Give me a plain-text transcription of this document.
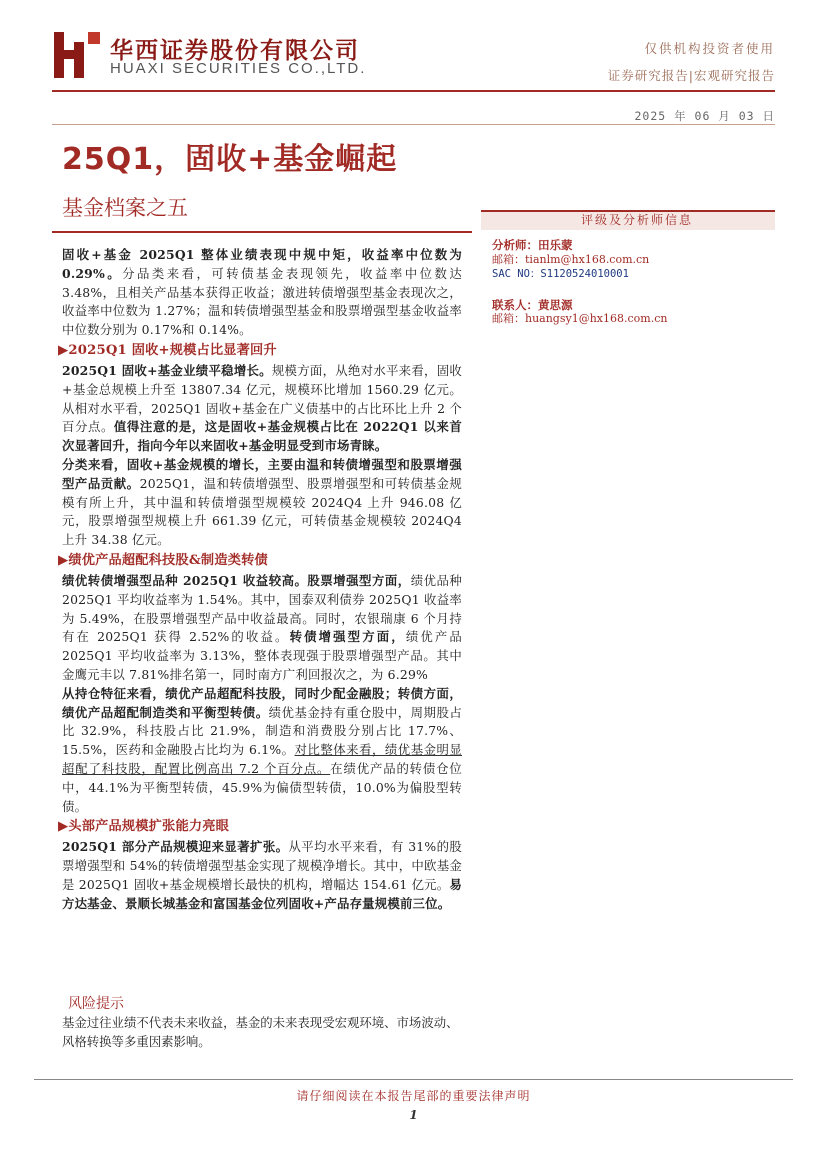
华西证券股份有限公司
HUAXI SECURITIES CO.,LTD.
仅供机构投资者使用
证券研究报告|宏观研究报告
2025 年 06 月 03 日
25Q1，固收+基金崛起
基金档案之五

固收+基金 2025Q1 整体业绩表现中规中矩，收益率中位数为 0.29%。分品类来看，可转债基金表现领先，收益率中位数达 3.48%，且相关产品基本获得正收益；激进转债增强型基金表现次之，收益率中位数为 1.27%；温和转债增强型基金和股票增强型基金收益率中位数分别为 0.17%和 0.14%。

▶2025Q1 固收+规模占比显著回升

2025Q1 固收+基金业绩平稳增长。规模方面，从绝对水平来看，固收+基金总规模上升至 13807.34 亿元，规模环比增加 1560.29 亿元。从相对水平看，2025Q1 固收+基金在广义债基中的占比环比上升 2 个百分点。值得注意的是，这是固收+基金规模占比在 2022Q1 以来首次显著回升，指向今年以来固收+基金明显受到市场青睐。

分类来看，固收+基金规模的增长，主要由温和转债增强型和股票增强型产品贡献。2025Q1，温和转债增强型、股票增强型和可转债基金规模有所上升，其中温和转债增强型规模较 2024Q4 上升 946.08 亿元，股票增强型规模上升 661.39 亿元，可转债基金规模较 2024Q4 上升 34.38 亿元。

▶绩优产品超配科技股&制造类转债

绩优转债增强型品种 2025Q1 收益较高。股票增强型方面，绩优品种 2025Q1 平均收益率为 1.54%。其中，国泰双利债券 2025Q1 收益率为 5.49%，在股票增强型产品中收益最高。同时，农银瑞康 6 个月持有在 2025Q1 获得 2.52%的收益。转债增强型方面，绩优产品 2025Q1 平均收益率为 3.13%，整体表现强于股票增强型产品。其中金鹰元丰以 7.81%排名第一，同时南方广利回报次之，为 6.29%

从持仓特征来看，绩优产品超配科技股，同时少配金融股；转债方面，绩优产品超配制造类和平衡型转债。绩优基金持有重仓股中，周期股占比 32.9%，科技股占比 21.9%，制造和消费股分别占比 17.7%、15.5%，医药和金融股占比均为 6.1%。对比整体来看，绩优基金明显超配了科技股，配置比例高出 7.2 个百分点。在绩优产品的转债仓位中，44.1%为平衡型转债，45.9%为偏债型转债，10.0%为偏股型转债。

▶头部产品规模扩张能力亮眼

2025Q1 部分产品规模迎来显著扩张。从平均水平来看，有 31%的股票增强型和 54%的转债增强型基金实现了规模净增长。其中，中欧基金是 2025Q1 固收+基金规模增长最快的机构，增幅达 154.61 亿元。易方达基金、景顺长城基金和富国基金位列固收+产品存量规模前三位。

风险提示
基金过往业绩不代表未来收益，基金的未来表现受宏观环境、市场波动、风格转换等多重因素影响。
评级及分析师信息
分析师：田乐蒙
邮箱：tianlm@hx168.com.cn
SAC NO：S1120524010001
联系人：黄思源
邮箱：huangsy1@hx168.com.cn
请仔细阅读在本报告尾部的重要法律声明
1
